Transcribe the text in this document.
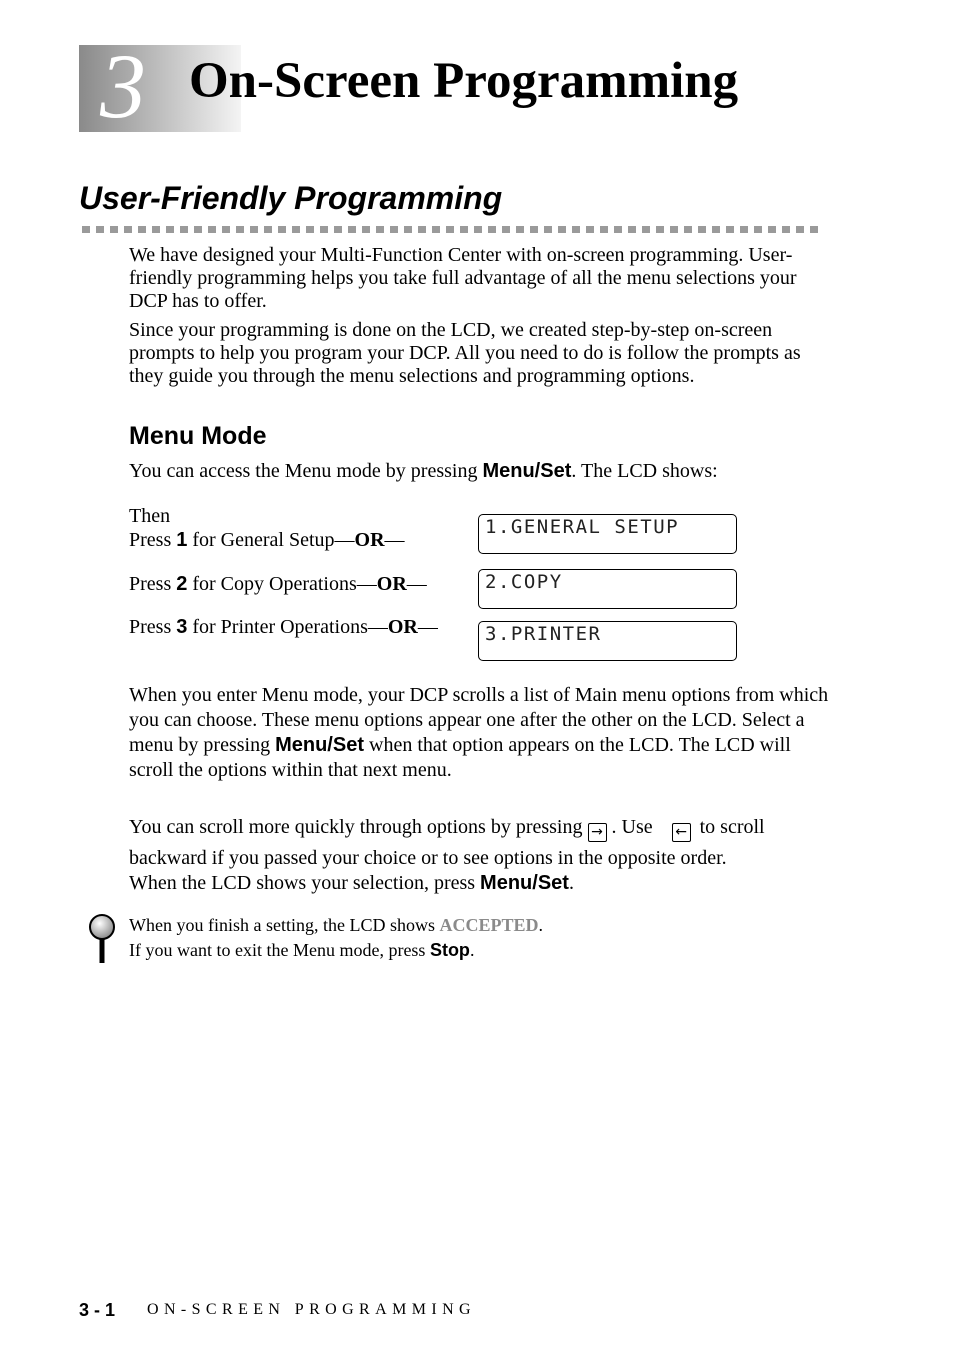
3 On-Screen Programming
User-Friendly Programming
We have designed your Multi-Function Center with on-screen programming. User-friendly programming helps you take full advantage of all the menu selections your DCP has to offer.
Since your programming is done on the LCD, we created step-by-step on-screen prompts to help you program your DCP. All you need to do is follow the prompts as they guide you through the menu selections and programming options.
Menu Mode
You can access the Menu mode by pressing Menu/Set. The LCD shows:
Then
Press 1 for General Setup—OR—
1.GENERAL SETUP
Press 2 for Copy Operations—OR—	2.COPY
Press 3 for Printer Operations—OR— 3.PRINTER
When you enter Menu mode, your DCP scrolls a list of Main menu options from which you can choose. These menu options appear one after the other on the LCD. Select a menu by pressing Menu/Set when that option appears on the LCD. The LCD will scroll the options within that next menu.
You can scroll more quickly through options by pressing → . Use ← to scroll
backward if you passed your choice or to see options in the opposite order.
When the LCD shows your selection, press Menu/Set.
When you finish a setting, the LCD shows ACCEPTED.
If you want to exit the Menu mode, press Stop.
3 - 1 ON-SCREEN PROGRAMMING
